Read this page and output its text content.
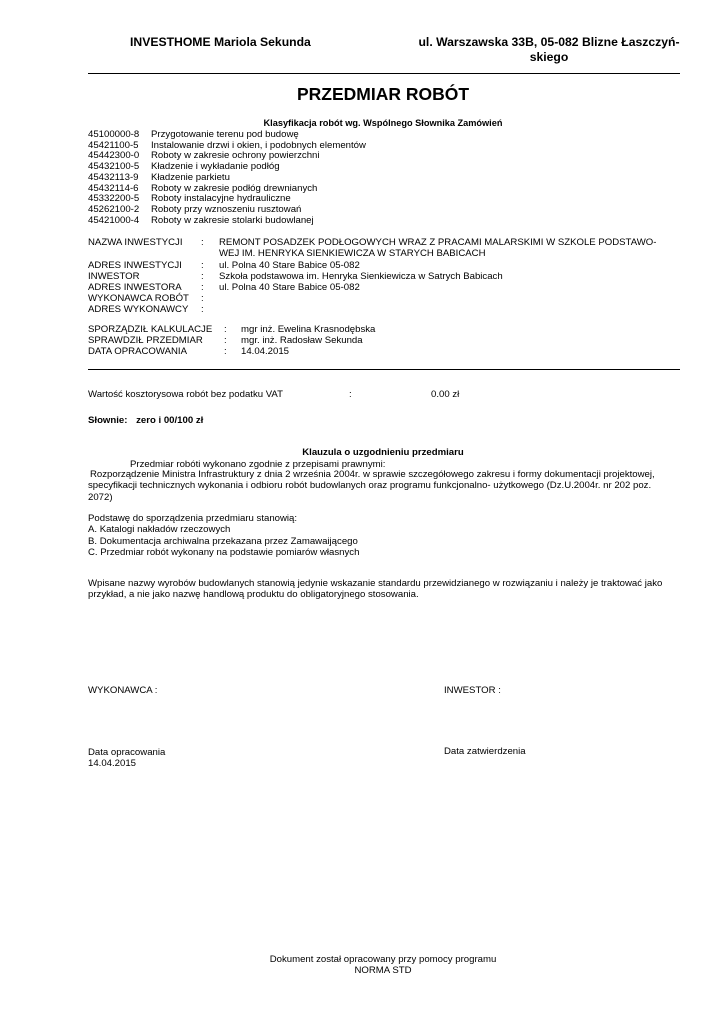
INVESTHOME Mariola Sekunda	ul. Warszawska 33B, 05-082 Blizne Łaszczyń-
skiego
PRZEDMIAR ROBÓT
Klasyfikacja robót wg. Wspólnego Słownika Zamówień
45100000-8 Przygotowanie terenu pod budowę
45421100-5 Instalowanie drzwi i okien, i podobnych elementów
45442300-0 Roboty w zakresie ochrony powierzchni
45432100-5 Kładzenie i wykładanie podłóg
45432113-9 Kładzenie parkietu
45432114-6 Roboty w zakresie podłóg drewnianych
45332200-5 Roboty instalacyjne hydrauliczne
45262100-2 Roboty przy wznoszeniu rusztowań
45421000-4 Roboty w zakresie stolarki budowlanej
NAZWA INWESTYCJI : REMONT POSADZEK PODŁOGOWYCH WRAZ Z PRACAMI MALARSKIMI W SZKOLE PODSTAWO-
WEJ IM. HENRYKA SIENKIEWICZA W STARYCH BABICACH
ADRES INWESTYCJI : ul. Polna 40 Stare Babice 05-082
INWESTOR	: Szkoła podstawowa im. Henryka Sienkiewicza w Satrych Babicach
ADRES INWESTORA : ul. Polna 40 Stare Babice 05-082
WYKONAWCA ROBÓT :
ADRES WYKONAWCY :
SPORZĄDZIŁ KALKULACJE : mgr inż. Ewelina Krasnodębska
SPRAWDZIŁ PRZEDMIAR : mgr. inż. Radosław Sekunda
DATA OPRACOWANIA	: 14.04.2015
Wartość kosztorysowa robót bez podatku VAT	:	0.00 zł
Słownie: zero i 00/100 zł
Klauzula o uzgodnieniu przedmiaru
Przedmiar robóti wykonano zgodnie z przepisami prawnymi:
Rozporządzenie Ministra Infrastruktury z dnia 2 września 2004r. w sprawie szczegółowego zakresu i formy dokumentacji projektowej,
specyfikacji technicznych wykonania i odbioru robót budowlanych oraz programu funkcjonalno- użytkowego (Dz.U.2004r. nr 202 poz.
2072)
Podstawę do sporządzenia przedmiaru stanowią:
A. Katalogi nakładów rzeczowych
B. Dokumentacja archiwalna przekazana przez Zamawaijącego
C. Przedmiar robót wykonany na podstawie pomiarów własnych
Wpisane nazwy wyrobów budowlanych stanowią jedynie wskazanie standardu przewidzianego w rozwiązaniu i należy je traktować jako
przykład, a nie jako nazwę handlową produktu do obligatoryjnego stosowania.
WYKONAWCA :	INWESTOR :
Data opracowania
14.04.2015
Data zatwierdzenia
Dokument został opracowany przy pomocy programu
NORMA STD
